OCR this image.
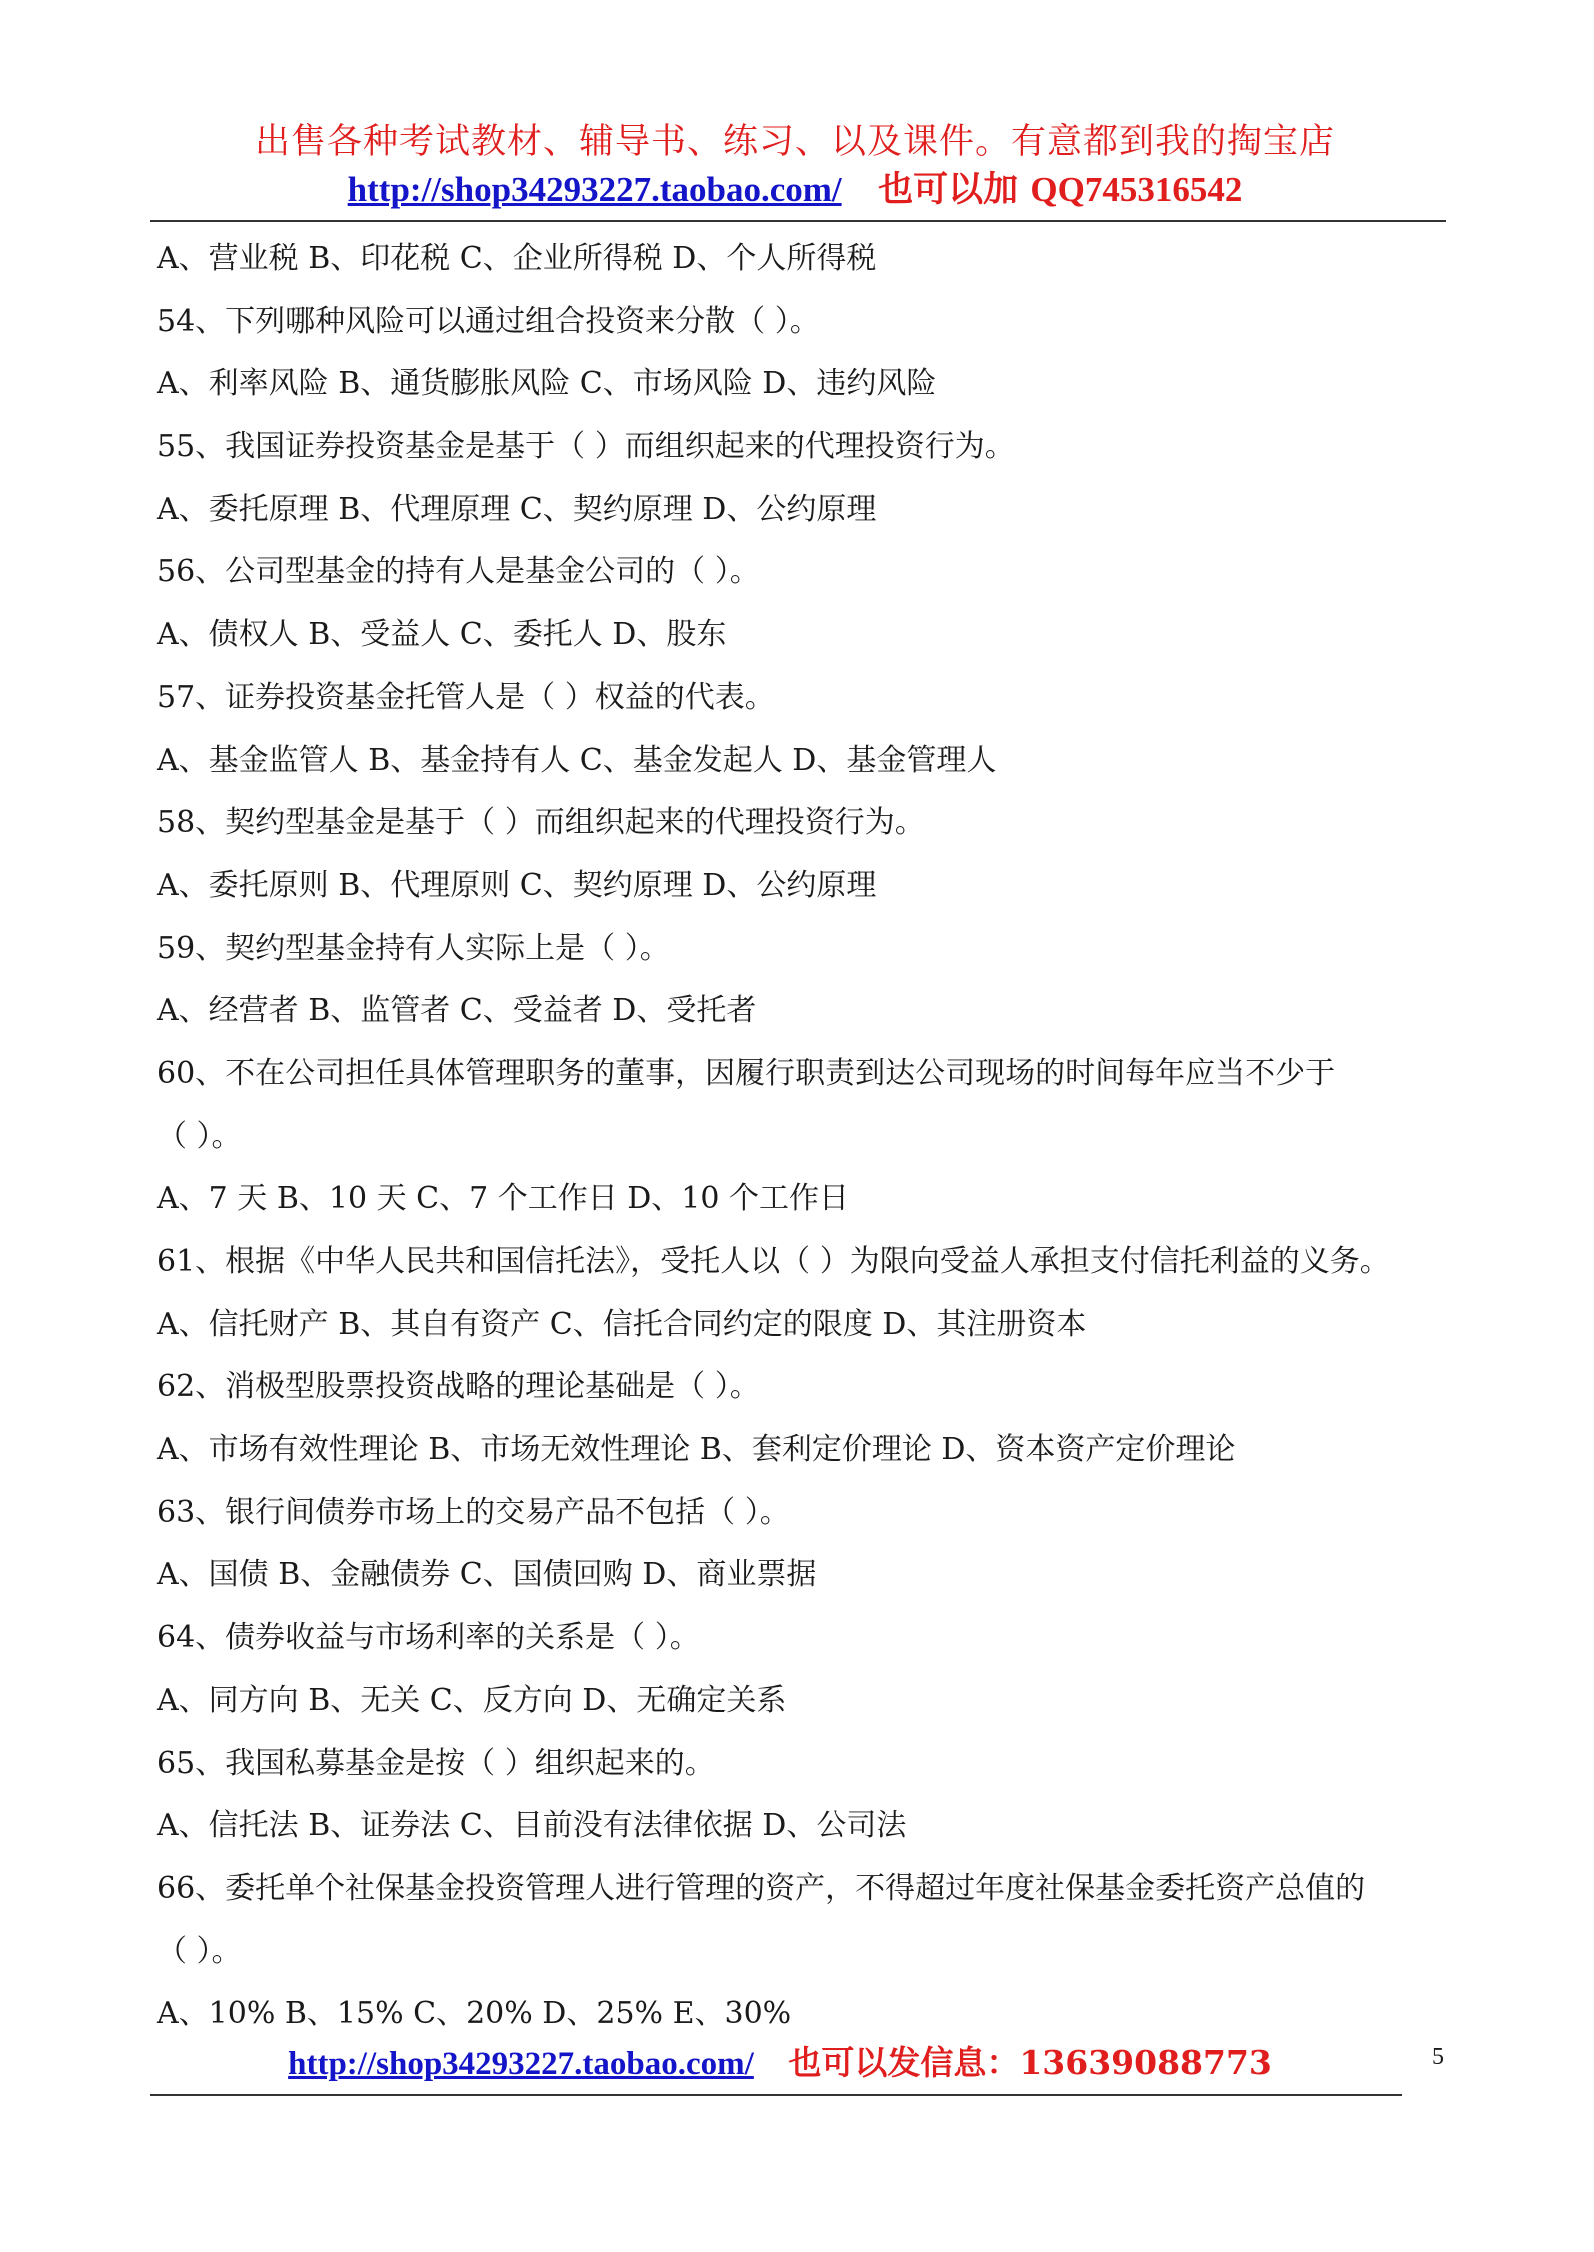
出售各种考试教材、辅导书、练习、以及课件。有意都到我的掏宝店
http://shop34293227.taobao.com/ 也可以加 QQ745316542
A、营业税 B、印花税 C、企业所得税 D、个人所得税
54、下列哪种风险可以通过组合投资来分散（ ）。
A、利率风险 B、通货膨胀风险 C、市场风险 D、违约风险
55、我国证券投资基金是基于（ ）而组织起来的代理投资行为。
A、委托原理 B、代理原理 C、契约原理 D、公约原理
56、公司型基金的持有人是基金公司的（ ）。
A、债权人 B、受益人 C、委托人 D、股东
57、证券投资基金托管人是（ ）权益的代表。
A、基金监管人 B、基金持有人 C、基金发起人 D、基金管理人
58、契约型基金是基于（ ）而组织起来的代理投资行为。
A、委托原则 B、代理原则 C、契约原理 D、公约原理
59、契约型基金持有人实际上是（ ）。
A、经营者 B、监管者 C、受益者 D、受托者
60、不在公司担任具体管理职务的董事，因履行职责到达公司现场的时间每年应当不少于
（ ）。
A、7 天 B、10 天 C、7 个工作日 D、10 个工作日
61、根据《中华人民共和国信托法》，受托人以（ ）为限向受益人承担支付信托利益的义务。
A、信托财产 B、其自有资产 C、信托合同约定的限度 D、其注册资本
62、消极型股票投资战略的理论基础是（ ）。
A、市场有效性理论 B、市场无效性理论 B、套利定价理论 D、资本资产定价理论
63、银行间债券市场上的交易产品不包括（ ）。
A、国债 B、金融债券 C、国债回购 D、商业票据
64、债券收益与市场利率的关系是（ ）。
A、同方向 B、无关 C、反方向 D、无确定关系
65、我国私募基金是按（ ）组织起来的。
A、信托法 B、证券法 C、目前没有法律依据 D、公司法
66、委托单个社保基金投资管理人进行管理的资产，不得超过年度社保基金委托资产总值的
（ ）。
A、10% B、15% C、20% D、25% E、30%
http://shop34293227.taobao.com/ 也可以发信息：13639088773	5
